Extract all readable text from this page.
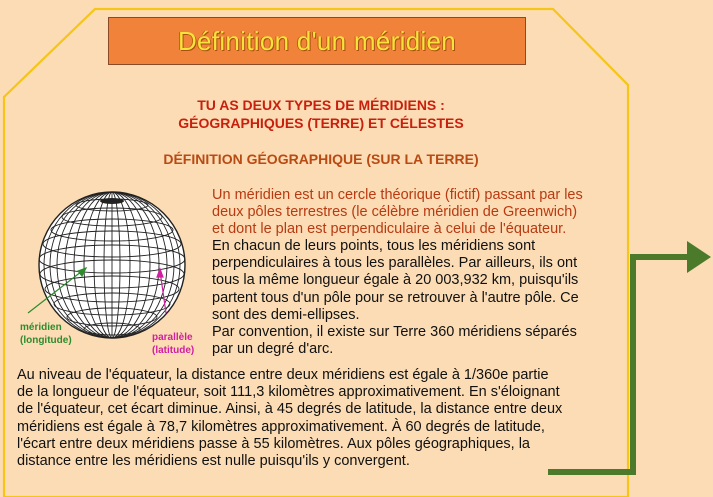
Définition d'un méridien
TU AS DEUX TYPES DE MÉRIDIENS :
GÉOGRAPHIQUES (TERRE) ET CÉLESTES
DÉFINITION GÉOGRAPHIQUE (SUR LA TERRE)
méridien
(longitude)	parallèle
(latitude)

Un méridien est un cercle théorique (fictif) passant par les
deux pôles terrestres (le célèbre méridien de Greenwich)
et dont le plan est perpendiculaire à celui de l'équateur.

En chacun de leurs points, tous les méridiens sont
perpendiculaires à tous les parallèles. Par ailleurs, ils ont
tous la même longueur égale à 20 003,932 km, puisqu'ils
partent tous d'un pôle pour se retrouver à l'autre pôle. Ce
sont des demi-ellipses.
Par convention, il existe sur Terre 360 méridiens séparés
par un degré d'arc.

Au niveau de l'équateur, la distance entre deux méridiens est égale à 1/360e partie
de la longueur de l'équateur, soit 111,3 kilomètres approximativement. En s'éloignant
de l'équateur, cet écart diminue. Ainsi, à 45 degrés de latitude, la distance entre deux
méridiens est égale à 78,7 kilomètres approximativement. À 60 degrés de latitude,
l'écart entre deux méridiens passe à 55 kilomètres. Aux pôles géographiques, la
distance entre les méridiens est nulle puisqu'ils y convergent.
